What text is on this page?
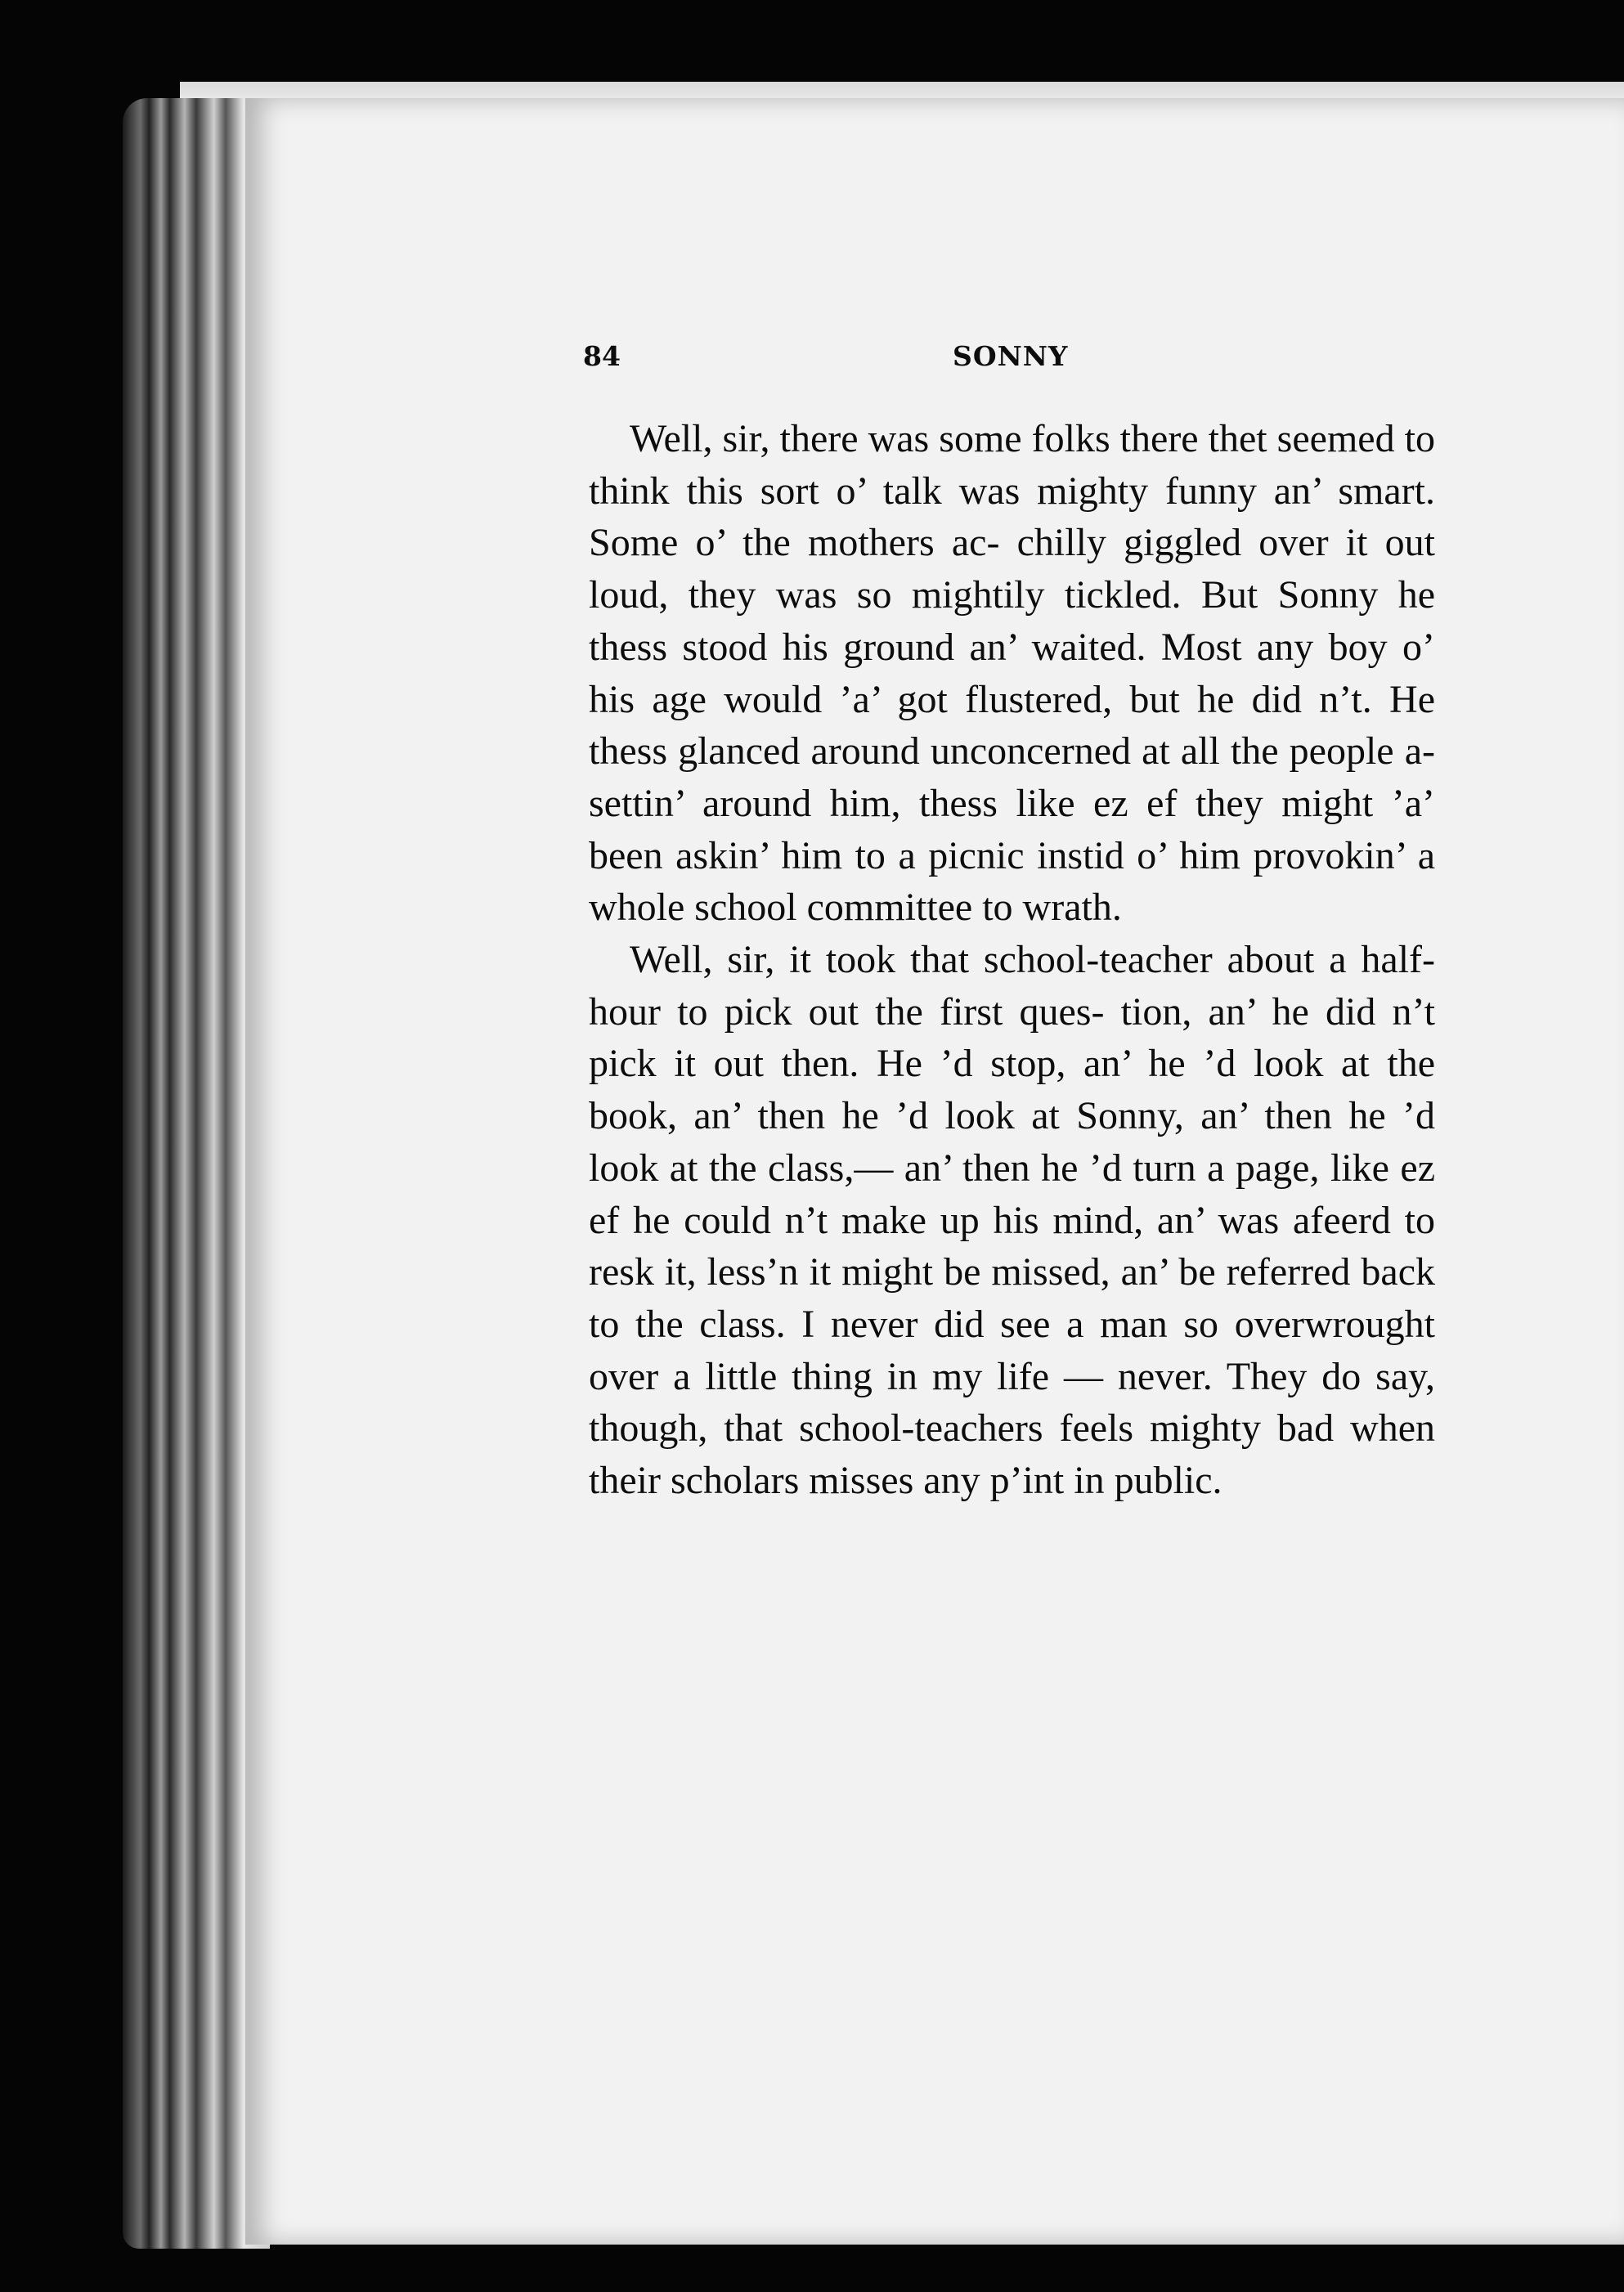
84	SONNY

Well, sir, there was some folks there thet seemed to think this sort o’ talk was mighty funny an’ smart. Some o’ the mothers ac- chilly giggled over it out loud, they was so mightily tickled. But Sonny he thess stood his ground an’ waited. Most any boy o’ his age would ’a’ got flustered, but he did n’t. He thess glanced around unconcerned at all the people a-settin’ around him, thess like ez ef they might ’a’ been askin’ him to a picnic instid o’ him provokin’ a whole school committee to wrath.

Well, sir, it took that school-teacher about a half-hour to pick out the first ques- tion, an’ he did n’t pick it out then. He ’d stop, an’ he ’d look at the book, an’ then he ’d look at Sonny, an’ then he ’d look at the class,— an’ then he ’d turn a page, like ez ef he could n’t make up his mind, an’ was afeerd to resk it, less’n it might be missed, an’ be referred back to the class. I never did see a man so overwrought over a little thing in my life — never. They do say, though, that school-teachers feels mighty bad when their scholars misses any p’int in public.
